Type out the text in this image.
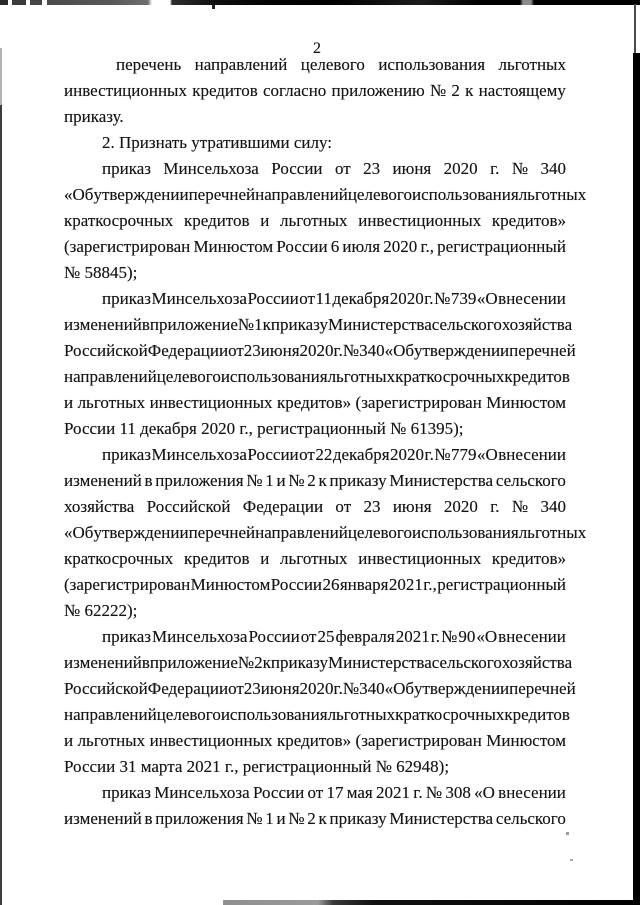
2
перечень направлений целевого использования льготных
инвестиционных кредитов согласно приложению № 2 к настоящему
приказу.
2. Признать утратившими силу:
приказ Минсельхоза России от 23 июня 2020 г. № 340
«Об утверждении перечней направлений целевого использования льготных
краткосрочных кредитов и льготных инвестиционных кредитов»
(зарегистрирован Минюстом России 6 июля 2020 г., регистрационный
№ 58845);
приказ Минсельхоза России от 11 декабря 2020 г. № 739 «О внесении
изменений в приложение № 1 к приказу Министерства сельского хозяйства
Российской Федерации от 23 июня 2020 г. № 340 «Об утверждении перечней
направлений целевого использования льготных краткосрочных кредитов
и льготных инвестиционных кредитов» (зарегистрирован Минюстом
России 11 декабря 2020 г., регистрационный № 61395);
приказ Минсельхоза России от 22 декабря 2020 г. № 779 «О внесении
изменений в приложения № 1 и № 2 к приказу Министерства сельского
хозяйства Российской Федерации от 23 июня 2020 г. № 340
«Об утверждении перечней направлений целевого использования льготных
краткосрочных кредитов и льготных инвестиционных кредитов»
(зарегистрирован Минюстом России 26 января 2021 г., регистрационный
№ 62222);
приказ Минсельхоза России от 25 февраля 2021 г. № 90 «О внесении
изменений в приложение № 2 к приказу Министерства сельского хозяйства
Российской Федерации от 23 июня 2020 г. № 340 «Об утверждении перечней
направлений целевого использования льготных краткосрочных кредитов
и льготных инвестиционных кредитов» (зарегистрирован Минюстом
России 31 марта 2021 г., регистрационный № 62948);
приказ Минсельхоза России от 17 мая 2021 г. № 308 «О внесении
изменений в приложения № 1 и № 2 к приказу Министерства сельского
